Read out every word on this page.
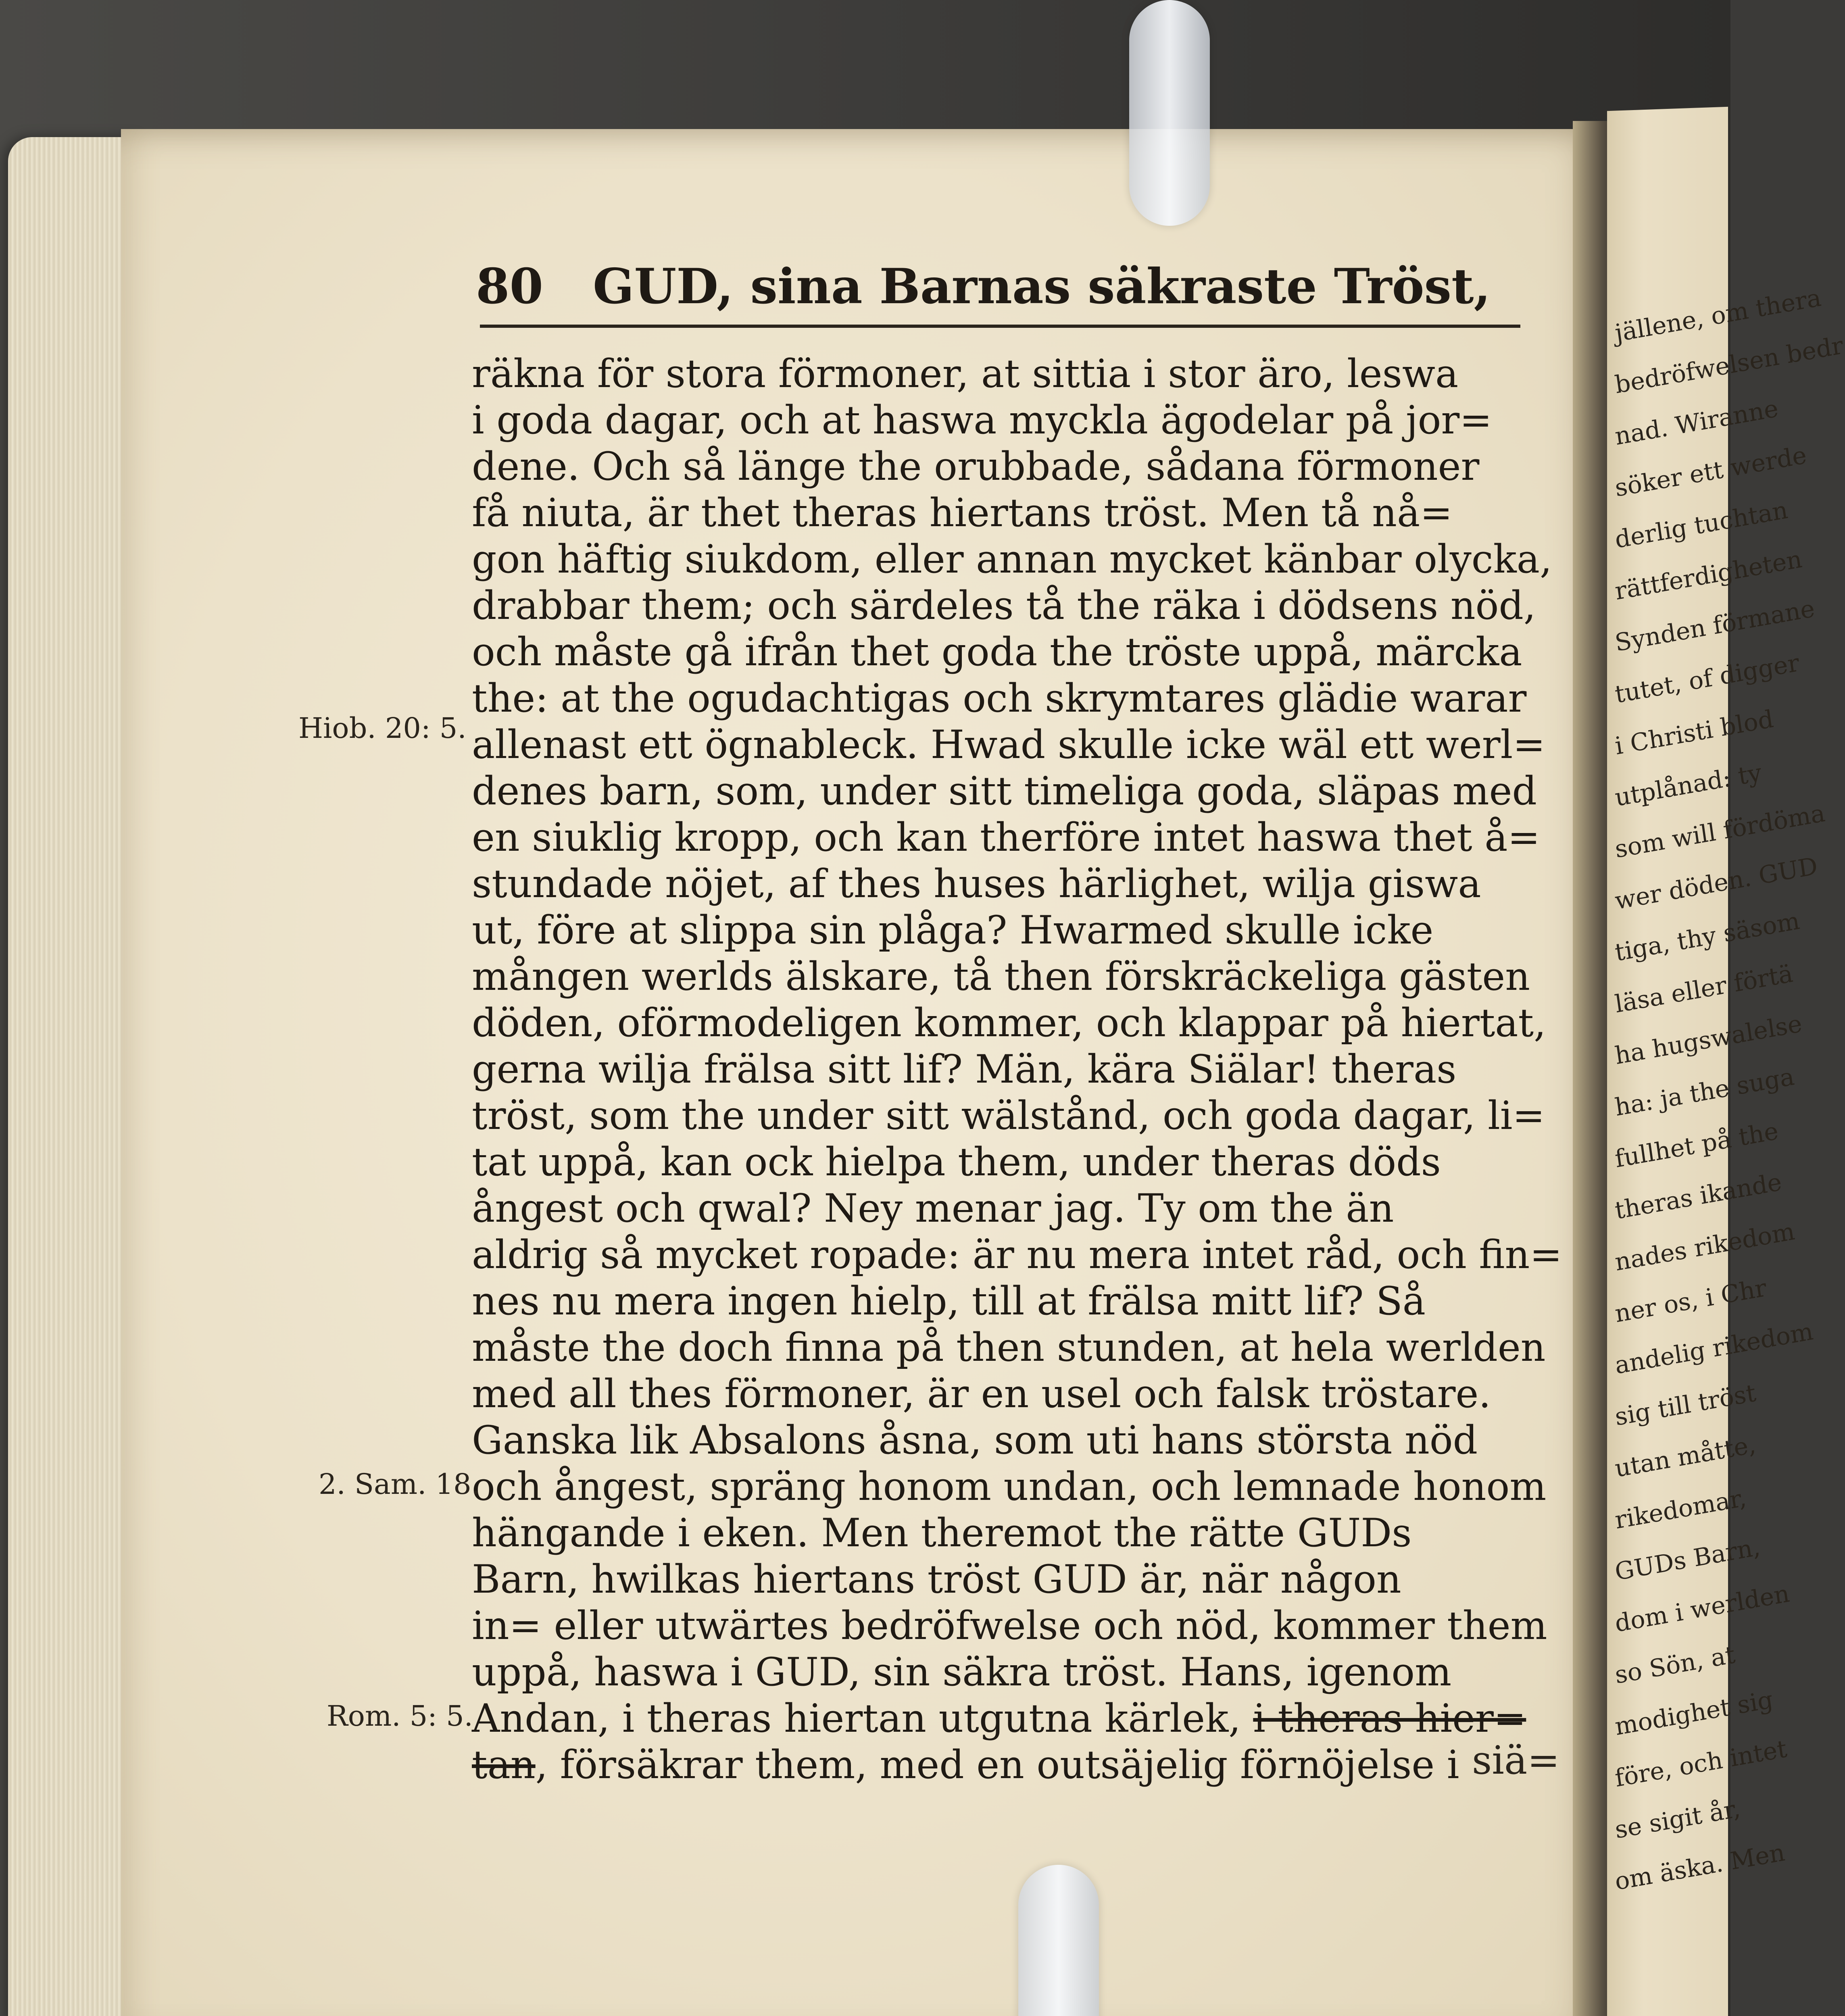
jällene, om thera
bedröfwelsen bedr
nad. Wiranne
söker ett werde
derlig tuchtan
rättferdigheten
Synden förmane
tutet, of digger
i Christi blod
utplånad: ty
som will fördöma
wer döden. GUD
tiga, thy säsom
läsa eller förtä
ha hugswalelse
ha: ja the suga
fullhet på the
theras ikande
nades rikedom
ner os, i Chr
andelig rikedom
sig till tröst
utan måtte,
rikedomar,
GUDs Barn,
dom i werlden
so Sön, at
modighet sig
före, och intet
se sigit år,
om äska. Men
80 GUD, sina Barnas säkraste Tröst,
räkna för stora förmoner, at sittia i stor äro, leswa
i goda dagar, och at haswa myckla ägodelar på jor=
dene. Och så länge the orubbade, sådana förmoner
få niuta, är thet theras hiertans tröst. Men tå nå=
gon häftig siukdom, eller annan mycket känbar olycka,
drabbar them; och särdeles tå the räka i dödsens nöd,
och måste gå ifrån thet goda the tröste uppå, märcka
the: at the ogudachtigas och skrymtares glädie warar
allenast ett ögnableck. Hwad skulle icke wäl ett werl=
denes barn, som, under sitt timeliga goda, släpas med
en siuklig kropp, och kan therföre intet haswa thet å=
stundade nöjet, af thes huses härlighet, wilja giswa
ut, före at slippa sin plåga? Hwarmed skulle icke
mången werlds älskare, tå then förskräckeliga gästen
döden, oförmodeligen kommer, och klappar på hiertat,
gerna wilja frälsa sitt lif? Män, kära Siälar! theras
tröst, som the under sitt wälstånd, och goda dagar, li=
tat uppå, kan ock hielpa them, under theras döds
ångest och qwal? Ney menar jag. Ty om the än
aldrig så mycket ropade: är nu mera intet råd, och fin=
nes nu mera ingen hielp, till at frälsa mitt lif? Så
måste the doch finna på then stunden, at hela werlden
med all thes förmoner, är en usel och falsk tröstare.
Ganska lik Absalons åsna, som uti hans största nöd
och ångest, spräng honom undan, och lemnade honom
hängande i eken. Men theremot the rätte GUDs
Barn, hwilkas hiertans tröst GUD är, när någon
in= eller utwärtes bedröfwelse och nöd, kommer them
uppå, haswa i GUD, sin säkra tröst. Hans, igenom
Andan, i theras hiertan utgutna kärlek, i theras hier=
tan, försäkrar them, med en outsäjelig förnöjelse i
Hiob. 20: 5.
2. Sam. 18.
Rom. 5: 5.
siä=
